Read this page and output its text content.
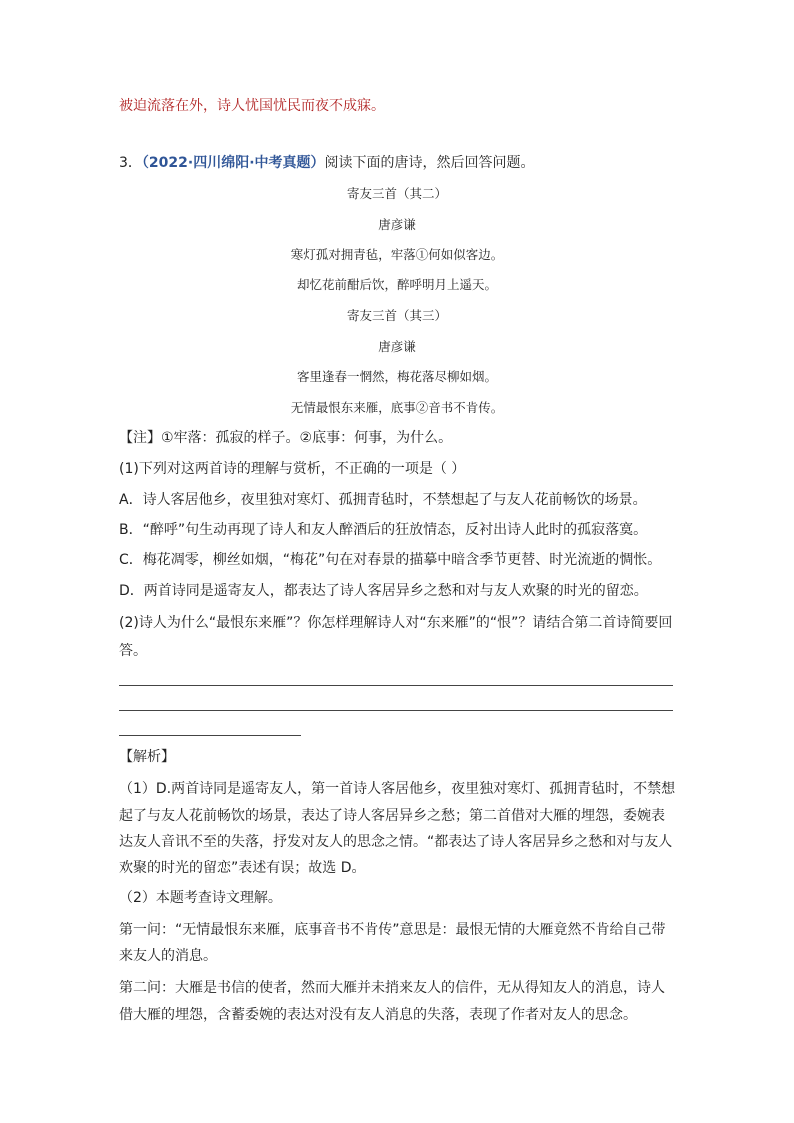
被迫流落在外，诗人忧国忧民而夜不成寐。
3．（2022·四川绵阳·中考真题）阅读下面的唐诗，然后回答问题。
寄友三首（其二）
唐彦谦
寒灯孤对拥青毡，牢落①何如似客边。
却忆花前酣后饮，醉呼明月上遥天。
寄友三首（其三）
唐彦谦
客里逢春一惘然，梅花落尽柳如烟。
无情最恨东来雁，底事②音书不肯传。
【注】①牢落：孤寂的样子。②底事：何事，为什么。
(1)下列对这两首诗的理解与赏析，不正确的一项是（ ）
A．诗人客居他乡，夜里独对寒灯、孤拥青毡时，不禁想起了与友人花前畅饮的场景。
B．“醉呼”句生动再现了诗人和友人醉酒后的狂放情态，反衬出诗人此时的孤寂落寞。
C．梅花凋零，柳丝如烟，“梅花”句在对春景的描摹中暗含季节更替、时光流逝的惆怅。
D．两首诗同是遥寄友人，都表达了诗人客居异乡之愁和对与友人欢聚的时光的留恋。
(2)诗人为什么“最恨东来雁”？你怎样理解诗人对“东来雁”的“恨”？请结合第二首诗简要回
答。
【解析】
（1）D.两首诗同是遥寄友人，第一首诗人客居他乡，夜里独对寒灯、孤拥青毡时，不禁想
起了与友人花前畅饮的场景，表达了诗人客居异乡之愁；第二首借对大雁的埋怨，委婉表
达友人音讯不至的失落，抒发对友人的思念之情。“都表达了诗人客居异乡之愁和对与友人
欢聚的时光的留恋”表述有误；故选 D。
（2）本题考查诗文理解。
第一问：“无情最恨东来雁，底事音书不肯传”意思是：最恨无情的大雁竟然不肯给自己带
来友人的消息。
第二问：大雁是书信的使者，然而大雁并未捎来友人的信件，无从得知友人的消息，诗人
借大雁的埋怨，含蓄委婉的表达对没有友人消息的失落，表现了作者对友人的思念。
